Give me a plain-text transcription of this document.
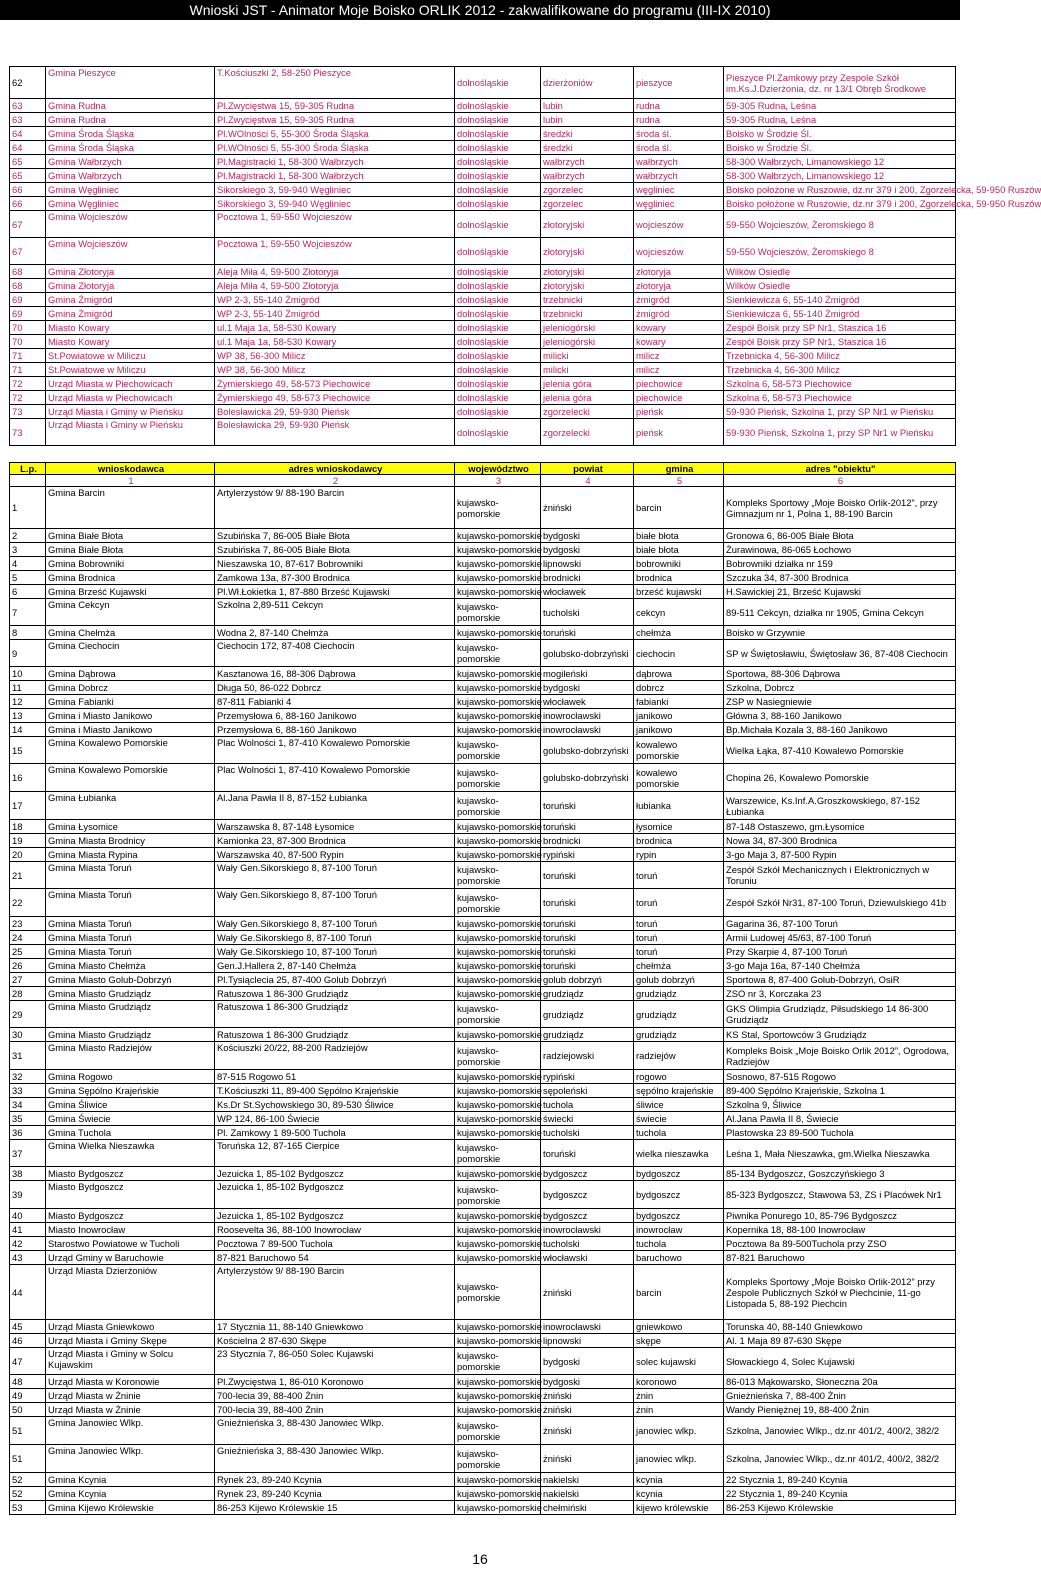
Wnioski JST - Animator Moje Boisko ORLIK 2012 - zakwalifikowane do programu (III-IX 2010)
62	Gmina Pieszyce	T.Kościuszki 2, 58-250 Pieszyce	dolnośląskie	dzierżoniów	pieszyce	Pieszyce Pl.Zamkowy przy Zespole Szkół im.Ks.J.Dzierżonia, dz. nr 13/1 Obręb Środkowe
63	Gmina Rudna	Pl.Zwycięstwa 15, 59-305 Rudna	dolnośląskie	lubin	rudna	59-305 Rudna, Leśna
63	Gmina Rudna	Pl.Zwycięstwa 15, 59-305 Rudna	dolnośląskie	lubin	rudna	59-305 Rudna, Leśna
64	Gmina Środa Śląska	Pl.WOlności 5, 55-300 Środa Śląska	dolnośląskie	średzki	środa śl.	Boisko w Środzie Śl.
64	Gmina Środa Śląska	Pl.WOlności 5, 55-300 Środa Śląska	dolnośląskie	średzki	środa śl.	Boisko w Środzie Śl.
65	Gmina Wałbrzych	Pl.Magistracki 1, 58-300 Wałbrzych	dolnośląskie	wałbrzych	wałbrzych	58-300 Wałbrzych, Limanowskiego 12
65	Gmina Wałbrzych	Pl.Magistracki 1, 58-300 Wałbrzych	dolnośląskie	wałbrzych	wałbrzych	58-300 Wałbrzych, Limanowskiego 12
66	Gmina Węgliniec	Sikorskiego 3, 59-940 Węgliniec	dolnośląskie	zgorzelec	węgliniec	Boisko położone w Ruszowie, dz.nr 379 i 200, Zgorzelecka, 59-950 Ruszów
66	Gmina Węgliniec	Sikorskiego 3, 59-940 Węgliniec	dolnośląskie	zgorzelec	węgliniec	Boisko położone w Ruszowie, dz.nr 379 i 200, Zgorzelecka, 59-950 Ruszów
67	Gmina Wojcieszów	Pocztowa 1, 59-550 Wojcieszów	dolnośląskie	złotoryjski	wojcieszów	59-550 Wojcieszów, Żeromskiego 8
67	Gmina Wojcieszów	Pocztowa 1, 59-550 Wojcieszów	dolnośląskie	złotoryjski	wojcieszów	59-550 Wojcieszów, Żeromskiego 8
68	Gmina Złotoryja	Aleja Miła 4, 59-500 Złotoryja	dolnośląskie	złotoryjski	złotoryja	Wilków Osiedle
68	Gmina Złotoryja	Aleja Miła 4, 59-500 Złotoryja	dolnośląskie	złotoryjski	złotoryja	Wilków Osiedle
69	Gmina Żmigród	WP 2-3, 55-140 Żmigród	dolnośląskie	trzebnicki	żmigród	Sienkiewicza 6, 55-140 Żmigród
69	Gmina Żmigród	WP 2-3, 55-140 Żmigród	dolnośląskie	trzebnicki	żmigród	Sienkiewicza 6, 55-140 Żmigród
70	Miasto Kowary	ul.1 Maja 1a, 58-530 Kowary	dolnośląskie	jeleniogórski	kowary	Zespół Boisk przy SP Nr1, Staszica 16
70	Miasto Kowary	ul.1 Maja 1a, 58-530 Kowary	dolnośląskie	jeleniogórski	kowary	Zespół Boisk przy SP Nr1, Staszica 16
71	St.Powiatowe w Miliczu	WP 38, 56-300 Milicz	dolnośląskie	milicki	milicz	Trzebnicka 4, 56-300 Milicz
71	St.Powiatowe w Miliczu	WP 38, 56-300 Milicz	dolnośląskie	milicki	milicz	Trzebnicka 4, 56-300 Milicz
72	Urząd Miasta w Piechowicach	Żymierskiego 49, 58-573 Piechowice	dolnośląskie	jelenia góra	piechowice	Szkolna 6, 58-573 Piechowice
72	Urząd Miasta w Piechowicach	Żymierskiego 49, 58-573 Piechowice	dolnośląskie	jelenia góra	piechowice	Szkolna 6, 58-573 Piechowice
73	Urząd Miasta i Gminy w Pieńsku	Bolesławicka 29, 59-930 Pieńsk	dolnośląskie	zgorzelecki	pieńsk	59-930 Pieńsk, Szkolna 1, przy SP Nr1 w Pieńsku
73	Urząd Miasta i Gminy w Pieńsku	Bolesławicka 29, 59-930 Pieńsk	dolnośląskie	zgorzelecki	pieńsk	59-930 Pieńsk, Szkolna 1, przy SP Nr1 w Pieńsku
L.p.	wnioskodawca	adres wnioskodawcy	województwo	powiat	gmina	adres "obiektu"
	1	2	3	4	5	6
1	Gmina Barcin	Artylerzystów 9/ 88-190 Barcin	kujawsko-pomorskie	żniński	barcin	Kompleks Sportowy „Moje Boisko Orlik-2012”, przy Gimnazjum nr 1, Polna 1, 88-190 Barcin
2	Gmina Białe Błota	Szubińska 7, 86-005 Białe Błota	kujawsko-pomorskie	bydgoski	białe błota	Gronowa 6, 86-005 Białe Błota
3	Gmina Białe Błota	Szubińska 7, 86-005 Białe Błota	kujawsko-pomorskie	bydgoski	białe błota	Żurawinowa, 86-065 Łochowo
4	Gmina Bobrowniki	Nieszawska 10, 87-617 Bobrowniki	kujawsko-pomorskie	lipnowski	bobrowniki	Bobrowniki działka nr 159
5	Gmina Brodnica	Zamkowa 13a, 87-300 Brodnica	kujawsko-pomorskie	brodnicki	brodnica	Szczuka 34, 87-300 Brodnica
6	Gmina Brześć Kujawski	Pl.Wł.Łokietka 1, 87-880 Brześć Kujawski	kujawsko-pomorskie	włocławek	brześć kujawski	H.Sawickiej 21, Brześć Kujawski
7	Gmina Cekcyn	Szkolna 2,89-511 Cekcyn	kujawsko-pomorskie	tucholski	cekcyn	89-511 Cekcyn, działka nr 1905, Gmina Cekcyn
8	Gmina Chełmża	Wodna 2, 87-140 Chełmża	kujawsko-pomorskie	toruński	chełmża	Boisko w Grzywnie
9	Gmina Ciechocin	Ciechocin 172, 87-408 Ciechocin	kujawsko-pomorskie	golubsko-dobrzyński	ciechocin	SP w Świętosławiu, Świętosław 36, 87-408 Ciechocin
10	Gmina Dąbrowa	Kasztanowa 16, 88-306 Dąbrowa	kujawsko-pomorskie	mogileński	dąbrowa	Sportowa, 88-306 Dąbrowa
11	Gmina Dobrcz	Długa 50, 86-022 Dobrcz	kujawsko-pomorskie	bydgoski	dobrcz	Szkolna, Dobrcz
12	Gmina Fabianki	87-811 Fabianki 4	kujawsko-pomorskie	włocławek	fabianki	ZSP w Nasiegniewie
13	Gmina i Miasto Janikowo	Przemysłowa 6, 88-160 Janikowo	kujawsko-pomorskie	inowrocławski	janikowo	Główna 3, 88-160 Janikowo
14	Gmina i Miasto Janikowo	Przemysłowa 6, 88-160 Janikowo	kujawsko-pomorskie	inowrocławski	janikowo	Bp.Michała Kozala 3, 88-160 Janikowo
15	Gmina Kowalewo Pomorskie	Plac Wolności 1, 87-410 Kowalewo Pomorskie	kujawsko-pomorskie	golubsko-dobrzyński	kowalewo pomorskie	Wielka Łąka, 87-410 Kowalewo Pomorskie
16	Gmina Kowalewo Pomorskie	Plac Wolności 1, 87-410 Kowalewo Pomorskie	kujawsko-pomorskie	golubsko-dobrzyński	kowalewo pomorskie	Chopina 26, Kowalewo Pomorskie
17	Gmina Łubianka	Al.Jana Pawła II 8, 87-152 Łubianka	kujawsko-pomorskie	toruński	łubianka	Warszewice, Ks.Inf.A.Groszkowskiego, 87-152 Łubianka
18	Gmina Łysomice	Warszawska 8, 87-148 Łysomice	kujawsko-pomorskie	toruński	łysomice	87-148 Ostaszewo, gm.Łysomice
19	Gmina Miasta Brodnicy	Kamionka 23, 87-300 Brodnica	kujawsko-pomorskie	brodnicki	brodnica	Nowa 34, 87-300 Brodnica
20	Gmina Miasta Rypina	Warszawska 40, 87-500 Rypin	kujawsko-pomorskie	rypiński	rypin	3-go Maja 3, 87-500 Rypin
21	Gmina Miasta Toruń	Wały Gen.Sikorskiego 8, 87-100 Toruń	kujawsko-pomorskie	toruński	toruń	Zespół Szkół Mechanicznych i Elektronicznych w Toruniu
22	Gmina Miasta Toruń	Wały Gen.Sikorskiego 8, 87-100 Toruń	kujawsko-pomorskie	toruński	toruń	Zespół Szkół Nr31, 87-100 Toruń, Dziewulskiego 41b
23	Gmina Miasta Toruń	Wały Gen.Sikorskiego 8, 87-100 Toruń	kujawsko-pomorskie	toruński	toruń	Gagarina 36, 87-100 Toruń
24	Gmina Miasta Toruń	Wały Ge.Sikorskiego 8, 87-100 Toruń	kujawsko-pomorskie	toruński	toruń	Armii Ludowej 45/63, 87-100 Toruń
25	Gmina Miasta Toruń	Wały Ge.Sikorskiego 10, 87-100 Toruń	kujawsko-pomorskie	toruński	toruń	Przy Skarpie 4, 87-100 Toruń
26	Gmina Miasto Chełmża	Gen.J.Hallera 2, 87-140 Chełmża	kujawsko-pomorskie	toruński	chełmża	3-go Maja 16a, 87-140 Chełmża
27	Gmina Miasto Golub-Dobrzyń	Pl.Tysiąclecia 25, 87-400 Golub Dobrzyń	kujawsko-pomorskie	golub dobrzyń	golub dobrzyń	Sportowa 8, 87-400 Golub-Dobrzyń, OsiR
28	Gmina Miasto Grudziądz	Ratuszowa 1 86-300 Grudziądz	kujawsko-pomorskie	grudziądz	grudziądz	ZSO nr 3, Korczaka 23
29	Gmina Miasto Grudziądz	Ratuszowa 1 86-300 Grudziądz	kujawsko-pomorskie	grudziądz	grudziądz	GKS Olimpia Grudziądz, Piłsudskiego 14 86-300 Grudziądz
30	Gmina Miasto Grudziądz	Ratuszowa 1 86-300 Grudziądz	kujawsko-pomorskie	grudziądz	grudziądz	KS Stal, Sportowców 3 Grudziądz
31	Gmina Miasto Radziejów	Kościuszki 20/22, 88-200 Radziejów	kujawsko-pomorskie	radziejowski	radziejów	Kompleks Boisk „Moje Boisko Orlik 2012”, Ogrodowa, Radziejów
32	Gmina Rogowo	87-515 Rogowo 51	kujawsko-pomorskie	rypiński	rogowo	Sosnowo, 87-515 Rogowo
33	Gmina Sępólno Krajeńskie	T.Kościuszki 11, 89-400 Sępólno Krajeńskie	kujawsko-pomorskie	sępoleński	sępólno krajeńskie	89-400 Sępólno Krajeńskie, Szkolna 1
34	Gmina Śliwice	Ks.Dr St.Sychowskiego 30, 89-530 Śliwice	kujawsko-pomorskie	tuchola	śliwice	Szkolna 9, Śliwice
35	Gmina Świecie	WP 124, 86-100 Świecie	kujawsko-pomorskie	świecki	świecie	Al.Jana Pawła II 8, Świecie
36	Gmina Tuchola	Pl. Zamkowy 1 89-500 Tuchola	kujawsko-pomorskie	tucholski	tuchola	Plastowska 23 89-500 Tuchola
37	Gmina Wielka Nieszawka	Toruńska 12, 87-165 Cierpice	kujawsko-pomorskie	toruński	wielka nieszawka	Leśna 1, Mała Nieszawka, gm.Wielka Nieszawka
38	Miasto Bydgoszcz	Jezuicka 1, 85-102 Bydgoszcz	kujawsko-pomorskie	bydgoszcz	bydgoszcz	85-134 Bydgoszcz, Goszczyńskiego 3
39	Miasto Bydgoszcz	Jezuicka 1, 85-102 Bydgoszcz	kujawsko-pomorskie	bydgoszcz	bydgoszcz	85-323 Bydgoszcz, Stawowa 53, ZS i Placówek Nr1
40	Miasto Bydgoszcz	Jezuicka 1, 85-102 Bydgoszcz	kujawsko-pomorskie	bydgoszcz	bydgoszcz	Piwnika Ponurego 10, 85-796 Bydgoszcz
41	Miasto Inowrocław	Roosevelta 36, 88-100 Inowrocław	kujawsko-pomorskie	inowrocławski	inowrocław	Kopernika 18, 88-100 Inowrocław
42	Starostwo Powiatowe w Tucholi	Pocztowa 7 89-500 Tuchola	kujawsko-pomorskie	tucholski	tuchola	Pocztowa 8a 89-500Tuchola przy ZSO
43	Urząd Gminy w Baruchowie	87-821 Baruchowo 54	kujawsko-pomorskie	włocławski	baruchowo	87-821 Baruchowo
44	Urząd Miasta Dzierżoniów	Artylerzystów 9/ 88-190 Barcin	kujawsko-pomorskie	żniński	barcin	Kompleks Sportowy „Moje Boisko Orlik-2012” przy Zespole Publicznych Szkół w Piechcinie, 11-go Listopada 5, 88-192 Piechcin
45	Urząd Miasta Gniewkowo	17 Stycznia 11, 88-140 Gniewkowo	kujawsko-pomorskie	inowrocławski	gniewkowo	Torunska 40, 88-140 Gniewkowo
46	Urząd Miasta i Gminy Skępe	Kościelna 2 87-630 Skępe	kujawsko-pomorskie	lipnowski	skępe	Al. 1 Maja 89 87-630 Skępe
47	Urząd Miasta i Gminy w Solcu Kujawskim	23 Stycznia 7, 86-050 Solec Kujawski	kujawsko-pomorskie	bydgoski	solec kujawski	Słowackiego 4, Solec Kujawski
48	Urząd Miasta w Koronowie	Pl.Zwycięstwa 1, 86-010 Koronowo	kujawsko-pomorskie	bydgoski	koronowo	86-013 Mąkowarsko, Słoneczna 20a
49	Urząd Miasta w Żninie	700-lecia 39, 88-400 Żnin	kujawsko-pomorskie	żniński	żnin	Gnieżnieńska 7, 88-400 Żnin
50	Urząd Miasta w Żninie	700-lecia 39, 88-400 Żnin	kujawsko-pomorskie	żniński	żnin	Wandy Pieniężnej 19, 88-400 Żnin
51	Gmina Janowiec Wlkp.	Gnieźnieńska 3, 88-430 Janowiec Wlkp.	kujawsko-pomorskie	żniński	janowiec wlkp.	Szkolna, Janowiec Wlkp., dz.nr 401/2, 400/2, 382/2
51	Gmina Janowiec Wlkp.	Gnieźnieńska 3, 88-430 Janowiec Wlkp.	kujawsko-pomorskie	żniński	janowiec wlkp.	Szkolna, Janowiec Wlkp., dz.nr 401/2, 400/2, 382/2
52	Gmina Kcynia	Rynek 23, 89-240 Kcynia	kujawsko-pomorskie	nakielski	kcynia	22 Stycznia 1, 89-240 Kcynia
52	Gmina Kcynia	Rynek 23, 89-240 Kcynia	kujawsko-pomorskie	nakielski	kcynia	22 Stycznia 1, 89-240 Kcynia
53	Gmina Kijewo Królewskie	86-253 Kijewo Królewskie 15	kujawsko-pomorskie	chełmiński	kijewo królewskie	86-253 Kijewo Królewskie
16
